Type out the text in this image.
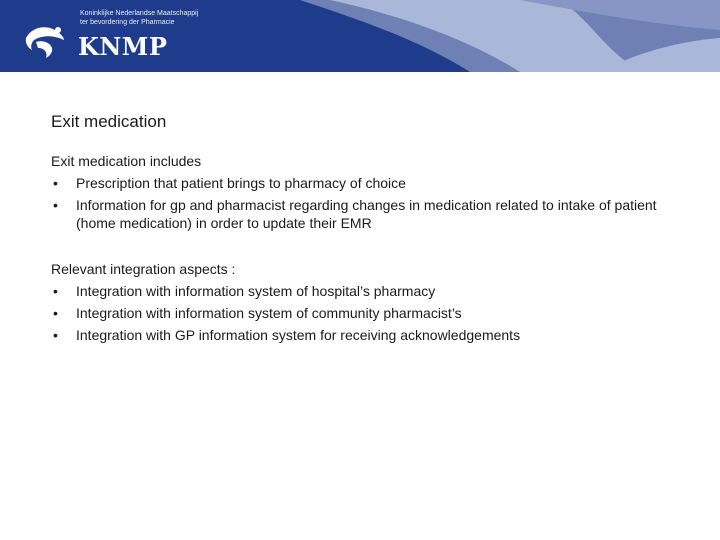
Koninklijke Nederlandse Maatschappij
ter bevordering der Pharmacie
KNMP
Exit medication

Exit medication includes

• Prescription that patient brings to pharmacy of choice
• Information for gp and pharmacist regarding changes in medication related to intake of patient (home medication) in order to update their EMR

Relevant integration aspects :

• Integration with information system of hospital’s pharmacy
• Integration with information system of community pharmacist’s
• Integration with GP information system for receiving acknowledgements
